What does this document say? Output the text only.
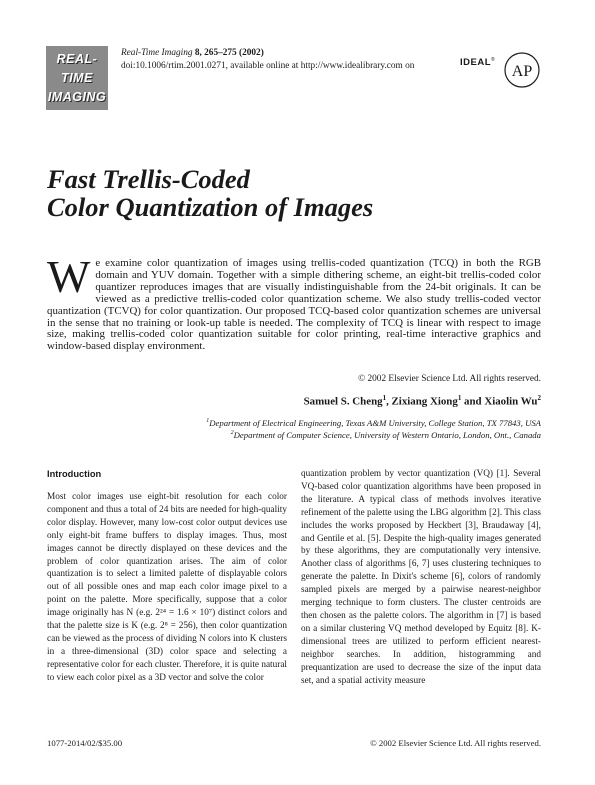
REAL-
TIME
IMAGING
Real-Time Imaging 8, 265–275 (2002)
doi:10.1006/rtim.2001.0271, available online at http://www.idealibrary.com on	IDEAL®
AP
Fast Trellis-Coded
Color Quantization of Images
We examine color quantization of images using trellis-coded quantization (TCQ) in both the RGB domain and YUV domain. Together with a simple dithering scheme, an eight-bit trellis-coded color quantizer reproduces images that are visually indistinguishable from the 24-bit originals. It can be viewed as a predictive trellis-coded color quantization scheme. We also study trellis-coded vector quantization (TCVQ) for color quantization. Our proposed TCQ-based color quantization schemes are universal in the sense that no training or look-up table is needed. The complexity of TCQ is linear with respect to image size, making trellis-coded color quantization suitable for color printing, real-time interactive graphics and window-based display environment.
© 2002 Elsevier Science Ltd. All rights reserved.
Samuel S. Cheng$^1$, Zixiang Xiong$^1$ and Xiaolin Wu$^2$
$^1$Department of Electrical Engineering, Texas A&M University, College Station, TX 77843, USA
$^2$Department of Computer Science, University of Western Ontario, London, Ont., Canada
Introduction

Most color images use eight-bit resolution for each color component and thus a total of 24 bits are needed for high-quality color display. However, many low-cost color output devices use only eight-bit frame buffers to display images. Thus, most images cannot be directly displayed on these devices and the problem of color quantization arises. The aim of color quantization is to select a limited palette of displayable colors out of all possible ones and map each color image pixel to a point on the palette. More specifically, suppose that a color image originally has N (e.g. 2²⁴ = 1.6 × 10⁷) distinct colors and that the palette size is K (e.g. 2⁸ = 256), then color quantization can be viewed as the process of dividing N colors into K clusters in a three-dimensional (3D) color space and selecting a representative color for each cluster. Therefore, it is quite natural to view each color pixel as a 3D vector and solve the color

quantization problem by vector quantization (VQ) [1]. Several VQ-based color quantization algorithms have been proposed in the literature. A typical class of methods involves iterative refinement of the palette using the LBG algorithm [2]. This class includes the works proposed by Heckbert [3], Braudaway [4], and Gentile et al. [5]. Despite the high-quality images generated by these algorithms, they are computationally very intensive. Another class of algorithms [6, 7] uses clustering techniques to generate the palette. In Dixit's scheme [6], colors of randomly sampled pixels are merged by a pairwise nearest-neighbor merging technique to form clusters. The cluster centroids are then chosen as the palette colors. The algorithm in [7] is based on a similar clustering VQ method developed by Equitz [8]. K-dimensional trees are utilized to perform efficient nearest-neighbor searches. In addition, histogramming and prequantization are used to decrease the size of the input data set, and a spatial activity measure

1077-2014/02/$35.00	© 2002 Elsevier Science Ltd. All rights reserved.
